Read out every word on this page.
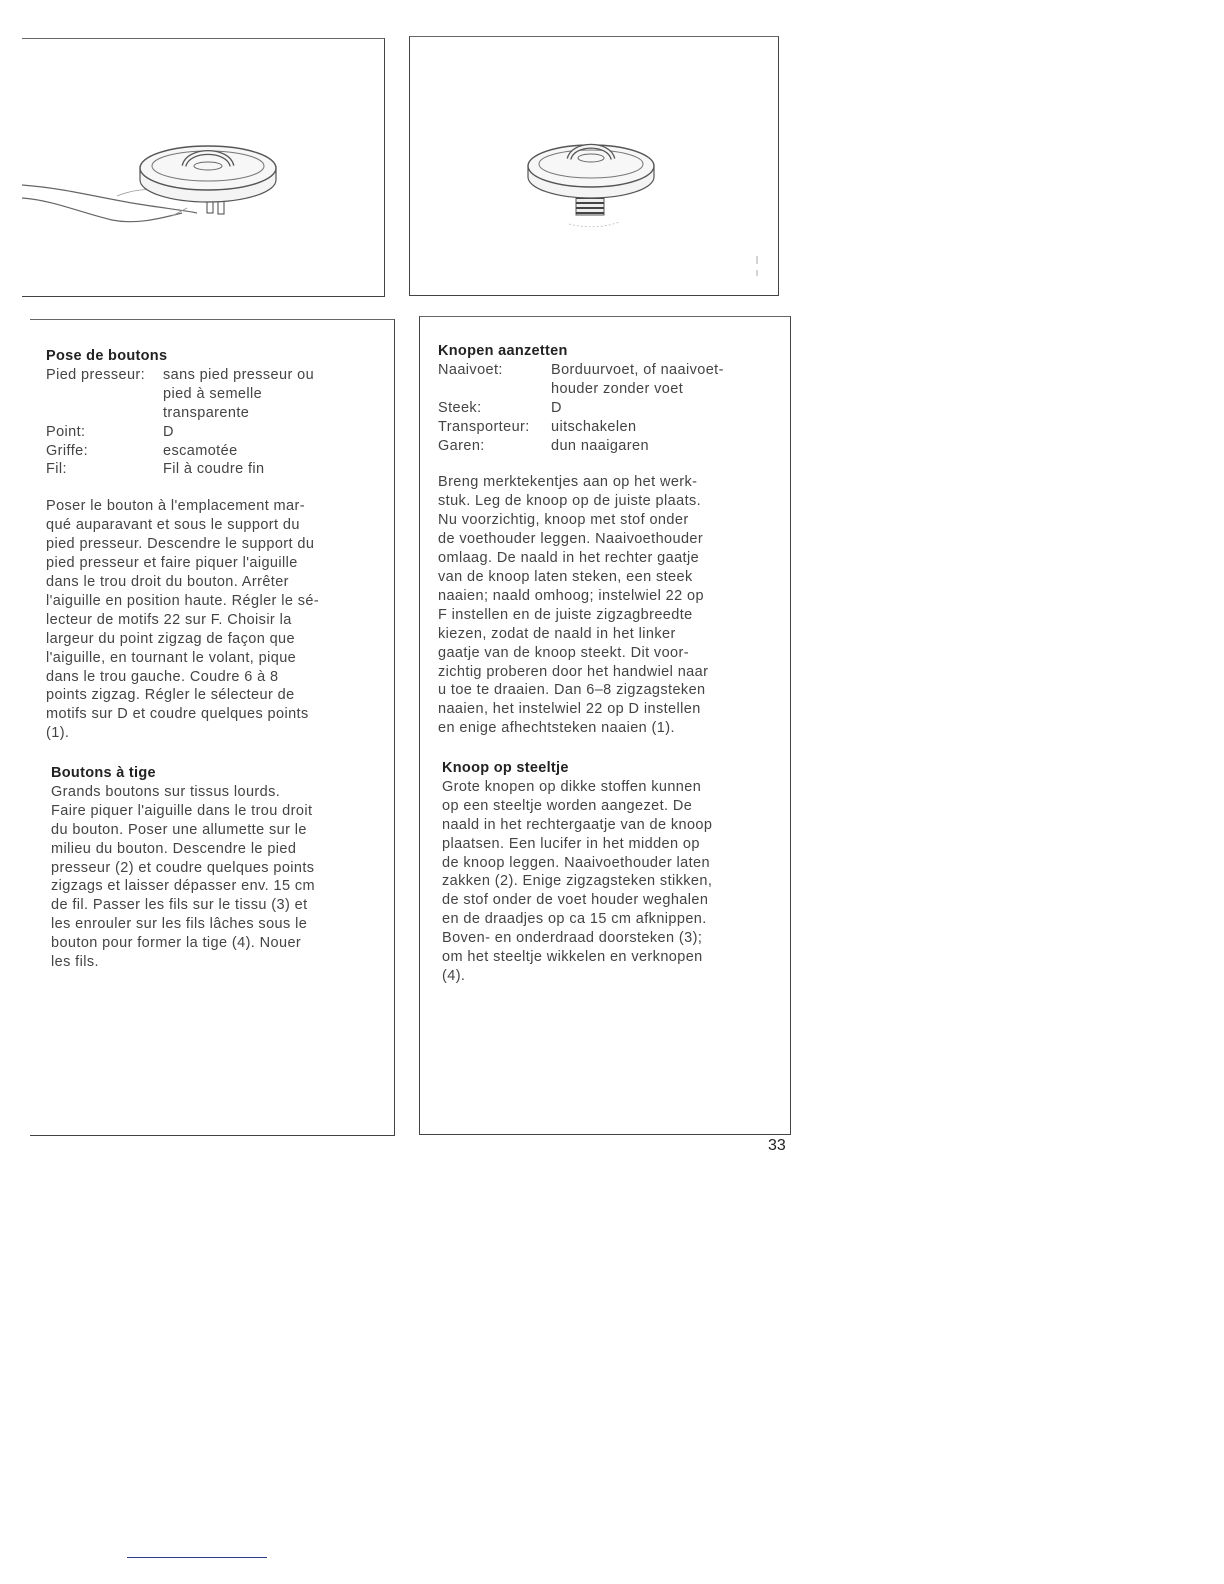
Pose de boutons
Pied presseur:	sans pied presseur ou
pied à semelle
transparente
Point:	D
Griffe:	escamotée
Fil:	Fil à coudre fin
Poser le bouton à l'emplacement mar-
qué auparavant et sous le support du
pied presseur. Descendre le support du
pied presseur et faire piquer l'aiguille
dans le trou droit du bouton. Arrêter
l'aiguille en position haute. Régler le sé-
lecteur de motifs 22 sur F. Choisir la
largeur du point zigzag de façon que
l'aiguille, en tournant le volant, pique
dans le trou gauche. Coudre 6 à 8
points zigzag. Régler le sélecteur de
motifs sur D et coudre quelques points
(1).
Boutons à tige
Grands boutons sur tissus lourds.
Faire piquer l'aiguille dans le trou droit
du bouton. Poser une allumette sur le
milieu du bouton. Descendre le pied
presseur (2) et coudre quelques points
zigzags et laisser dépasser env. 15 cm
de fil. Passer les fils sur le tissu (3) et
les enrouler sur les fils lâches sous le
bouton pour former la tige (4). Nouer
les fils.
Knopen aanzetten
Naaivoet:	Borduurvoet, of naaivoet-
houder zonder voet
Steek:	D
Transporteur:	uitschakelen
Garen:	dun naaigaren
Breng merktekentjes aan op het werk-
stuk. Leg de knoop op de juiste plaats.
Nu voorzichtig, knoop met stof onder
de voethouder leggen. Naaivoethouder
omlaag. De naald in het rechter gaatje
van de knoop laten steken, een steek
naaien; naald omhoog; instelwiel 22 op
F instellen en de juiste zigzagbreedte
kiezen, zodat de naald in het linker
gaatje van de knoop steekt. Dit voor-
zichtig proberen door het handwiel naar
u toe te draaien. Dan 6–8 zigzagsteken
naaien, het instelwiel 22 op D instellen
en enige afhechtsteken naaien (1).
Knoop op steeltje
Grote knopen op dikke stoffen kunnen
op een steeltje worden aangezet. De
naald in het rechtergaatje van de knoop
plaatsen. Een lucifer in het midden op
de knoop leggen. Naaivoethouder laten
zakken (2). Enige zigzagsteken stikken,
de stof onder de voet houder weghalen
en de draadjes op ca 15 cm afknippen.
Boven- en onderdraad doorsteken (3);
om het steeltje wikkelen en verknopen
(4).
33
